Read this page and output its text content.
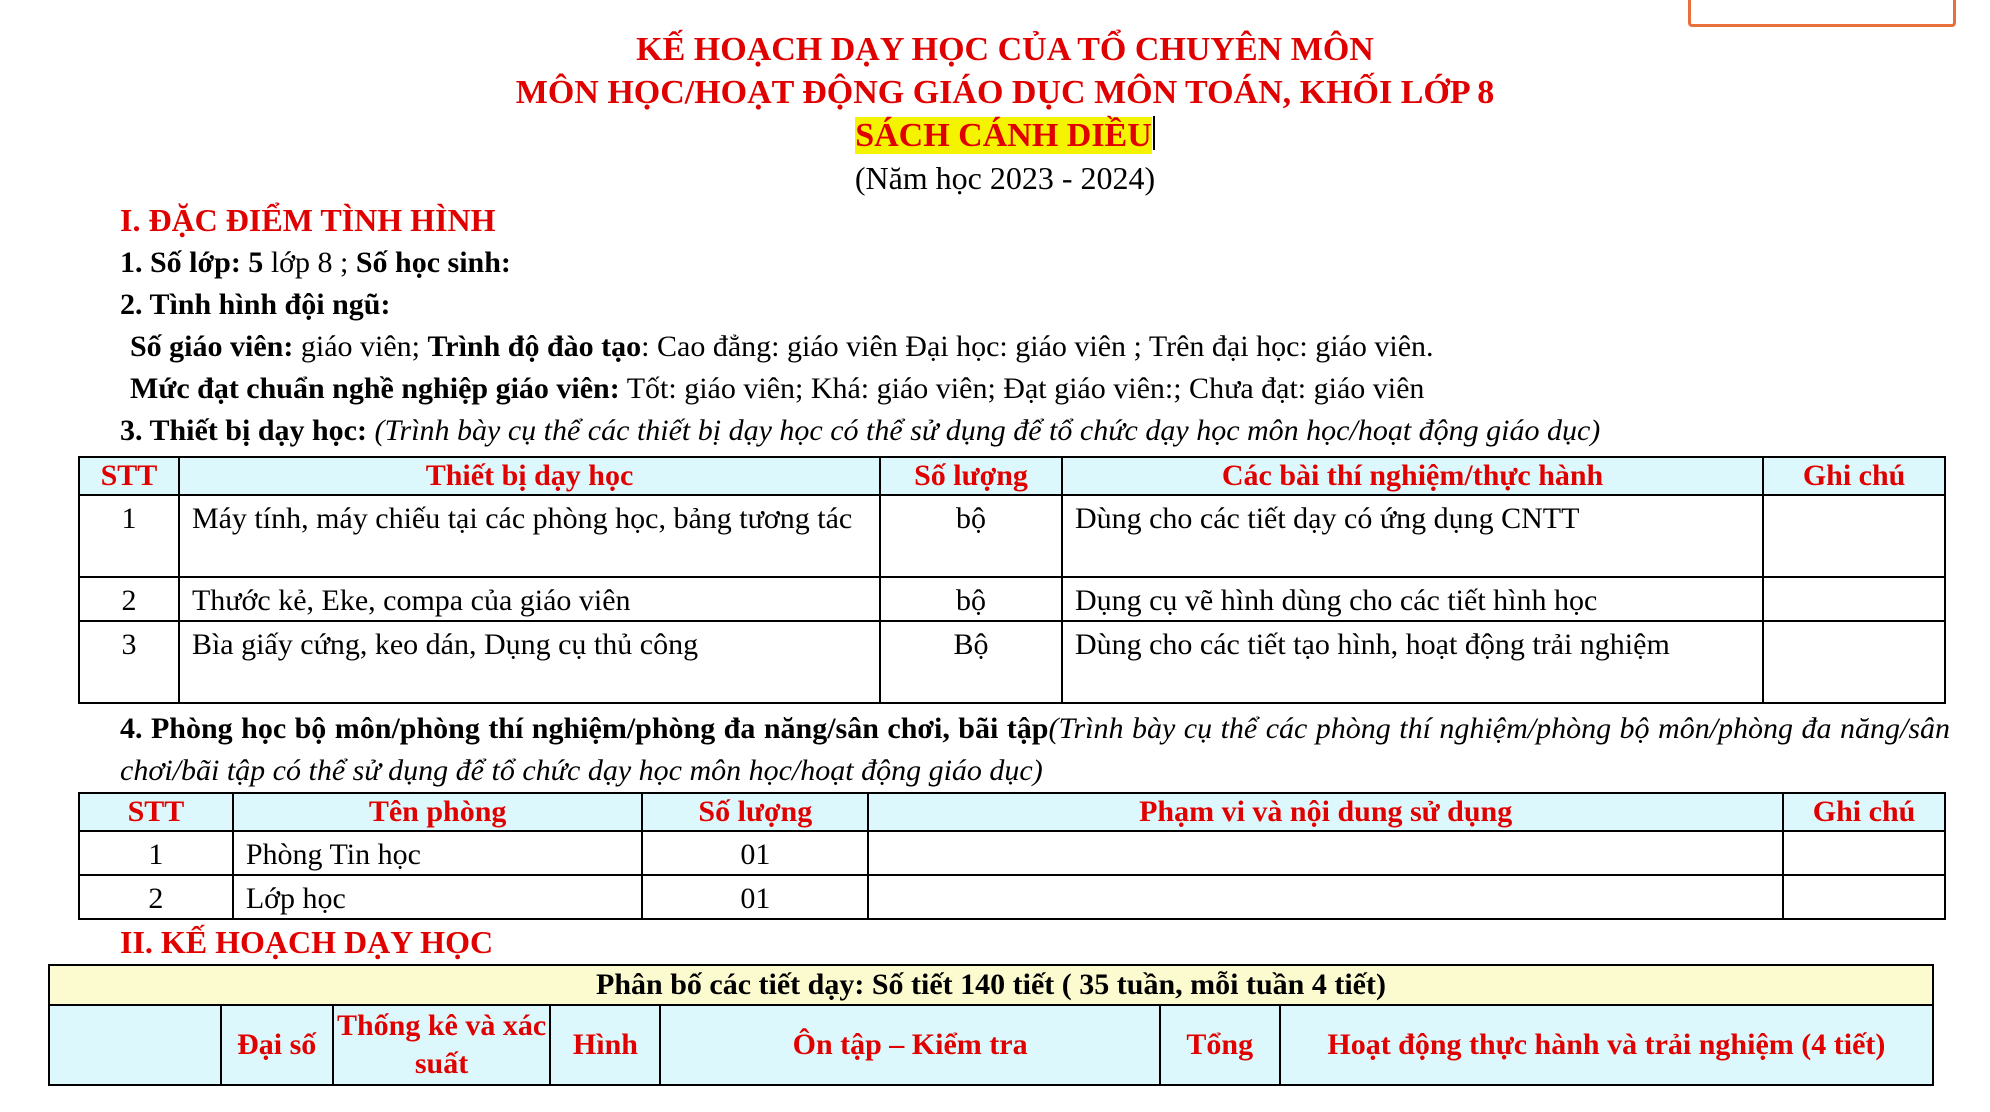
KẾ HOẠCH DẠY HỌC CỦA TỔ CHUYÊN MÔN
MÔN HỌC/HOẠT ĐỘNG GIÁO DỤC MÔN TOÁN, KHỐI LỚP 8
SÁCH CÁNH DIỀU
(Năm học 2023 - 2024)
I. ĐẶC ĐIỂM TÌNH HÌNH
1. Số lớp: 5 lớp 8 ; Số học sinh:
2. Tình hình đội ngũ:
Số giáo viên: giáo viên; Trình độ đào tạo: Cao đẳng: giáo viên Đại học: giáo viên ; Trên đại học: giáo viên.
Mức đạt chuẩn nghề nghiệp giáo viên: Tốt: giáo viên; Khá: giáo viên; Đạt giáo viên:; Chưa đạt: giáo viên
3. Thiết bị dạy học: (Trình bày cụ thể các thiết bị dạy học có thể sử dụng để tổ chức dạy học môn học/hoạt động giáo dục)
STT	Thiết bị dạy học	Số lượng	Các bài thí nghiệm/thực hành	Ghi chú
1	Máy tính, máy chiếu tại các phòng học, bảng tương tác	bộ	Dùng cho các tiết dạy có ứng dụng CNTT	
2	Thước kẻ, Eke, compa của giáo viên	bộ	Dụng cụ vẽ hình dùng cho các tiết hình học	
3	Bìa giấy cứng, keo dán, Dụng cụ thủ công	Bộ	Dùng cho các tiết tạo hình, hoạt động trải nghiệm	
4. Phòng học bộ môn/phòng thí nghiệm/phòng đa năng/sân chơi, bãi tập(Trình bày cụ thể các phòng thí nghiệm/phòng bộ môn/phòng đa năng/sân chơi/bãi tập có thể sử dụng để tổ chức dạy học môn học/hoạt động giáo dục)
STT	Tên phòng	Số lượng	Phạm vi và nội dung sử dụng	Ghi chú
1	Phòng Tin học	01		
2	Lớp học	01		
II. KẾ HOẠCH DẠY HỌC
Phân bố các tiết dạy: Số tiết 140 tiết ( 35 tuần, mỗi tuần 4 tiết)
	Đại số	Thống kê và xác suất	Hình	Ôn tập – Kiểm tra	Tổng	Hoạt động thực hành và trải nghiệm (4 tiết)
